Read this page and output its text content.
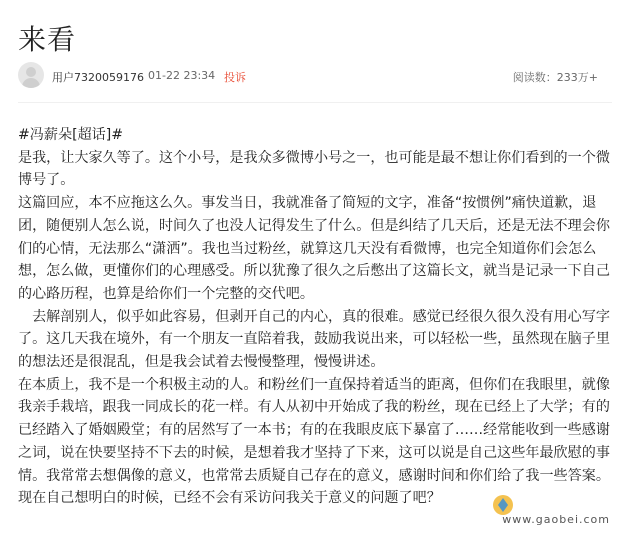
来看
用户7320059176 01-22 23:34 投诉	阅读数：233万+

#冯薪朵[超话]#

是我，让大家久等了。这个小号，是我众多微博小号之一，也可能是最不想让你们看到的一个微博号了。

这篇回应，本不应拖这么久。事发当日，我就准备了简短的文字，准备“按惯例”痛快道歉，退团，随便别人怎么说，时间久了也没人记得发生了什么。但是纠结了几天后，还是无法不理会你们的心情，无法那么“潇洒”。我也当过粉丝，就算这几天没有看微博，也完全知道你们会怎么想，怎么做，更懂你们的心理感受。所以犹豫了很久之后憋出了这篇长文，就当是记录一下自己的心路历程，也算是给你们一个完整的交代吧。

　去解剖别人，似乎如此容易，但剥开自己的内心，真的很难。感觉已经很久很久没有用心写字了。这几天我在境外，有一个朋友一直陪着我，鼓励我说出来，可以轻松一些，虽然现在脑子里的想法还是很混乱，但是我会试着去慢慢整理，慢慢讲述。

在本质上，我不是一个积极主动的人。和粉丝们一直保持着适当的距离，但你们在我眼里，就像我亲手栽培，跟我一同成长的花一样。有人从初中开始成了我的粉丝，现在已经上了大学；有的已经踏入了婚姻殿堂；有的居然写了一本书；有的在我眼皮底下暴富了……经常能收到一些感谢之词，说在快要坚持不下去的时候，是想着我才坚持了下来，这可以说是自己这些年最欣慰的事情。我常常去想偶像的意义，也常常去质疑自己存在的意义，感谢时间和你们给了我一些答案。现在自己想明白的时候，已经不会有采访问我关于意义的问题了吧？

www.gaobei.com
